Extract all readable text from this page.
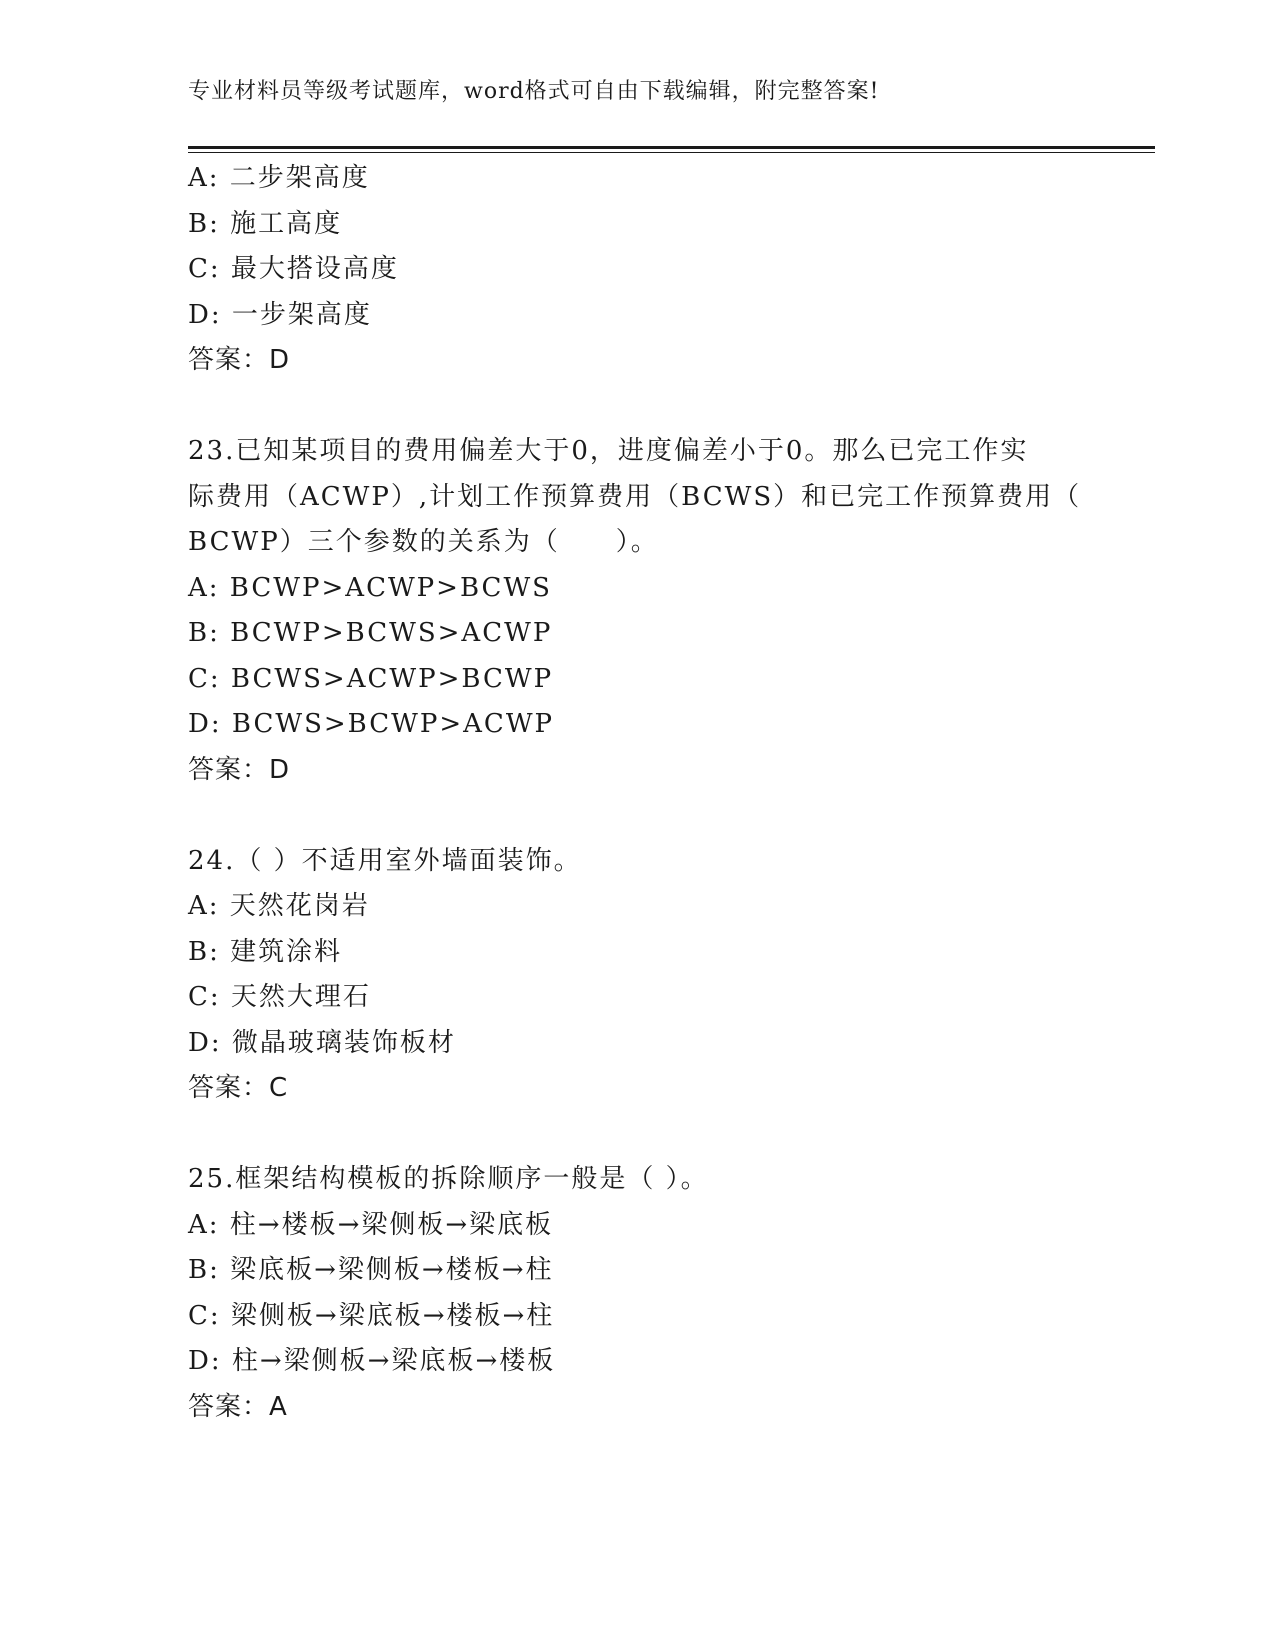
专业材料员等级考试题库，word格式可自由下载编辑，附完整答案!
A: 二步架高度
B: 施工高度
C: 最大搭设高度
D: 一步架高度
答案：D
23.已知某项目的费用偏差大于0，进度偏差小于0。那么已完工作实
际费用（ACWP）,计划工作预算费用（BCWS）和已完工作预算费用（
BCWP）三个参数的关系为（　　）。
A: BCWP>ACWP>BCWS
B: BCWP>BCWS>ACWP
C: BCWS>ACWP>BCWP
D: BCWS>BCWP>ACWP
答案：D
24.（ ）不适用室外墙面装饰。
A: 天然花岗岩
B: 建筑涂料
C: 天然大理石
D: 微晶玻璃装饰板材
答案：C
25.框架结构模板的拆除顺序一般是（ ）。
A: 柱→楼板→梁侧板→梁底板
B: 梁底板→梁侧板→楼板→柱
C: 梁侧板→梁底板→楼板→柱
D: 柱→梁侧板→梁底板→楼板
答案：A
